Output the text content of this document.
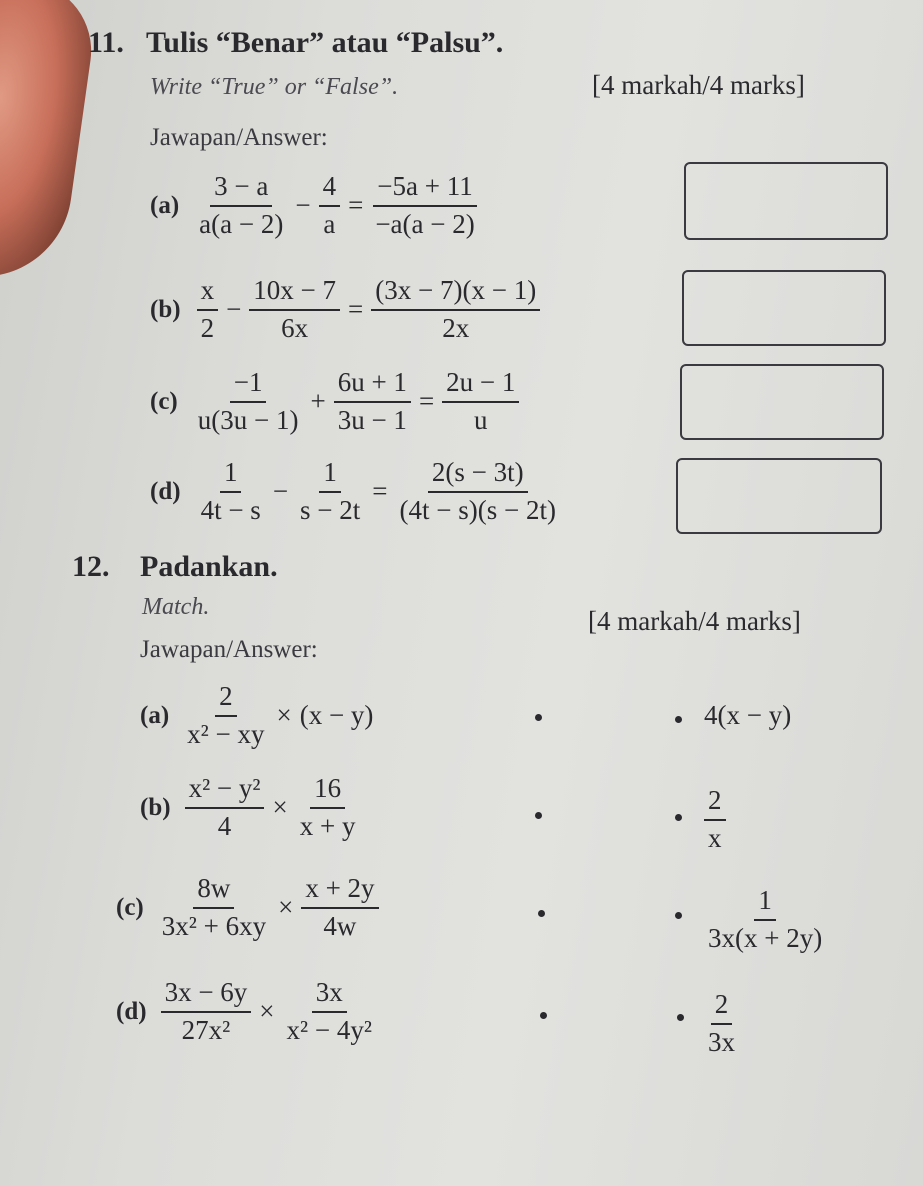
11. Tulis “Benar” atau “Palsu”.
Write “True” or “False”.	[4 markah/4 marks]
Jawapan/Answer:
$(a) \frac{3 - a}{a(a - 2)} - \frac{4}{a} = \frac{-5a + 11}{-a(a - 2)}$
$(b) \frac{x}{2} - \frac{10x - 7}{6x} = \frac{(3x - 7)(x - 1)}{2x}$
$(c) \frac{-1}{u(3u - 1)} + \frac{6u + 1}{3u - 1} = \frac{2u - 1}{u}$
$(d) \frac{1}{4t - s} - \frac{1}{s - 2t} = \frac{2(s - 3t)}{(4t - s)(s - 2t)}$
12. Padankan.
Match.	[4 markah/4 marks]
Jawapan/Answer:
$(a) \frac{2}{\text{x² − xy}} \times (x - y)$	4(x − y)
$(b) \frac{\text{x² − y²}}{4} \times \frac{16}{x + y}$	$\frac{2}{x}$
$(c) \frac{8w}{\text{3x² + 6xy}} \times \frac{x + 2y}{4w}$	$\frac{1}{3x(x + 2y)}$
$(d) \frac{3x - 6y}{\text{27x²}} \times \frac{3x}{\text{x² − 4y²}}$	$\frac{2}{3x}$
